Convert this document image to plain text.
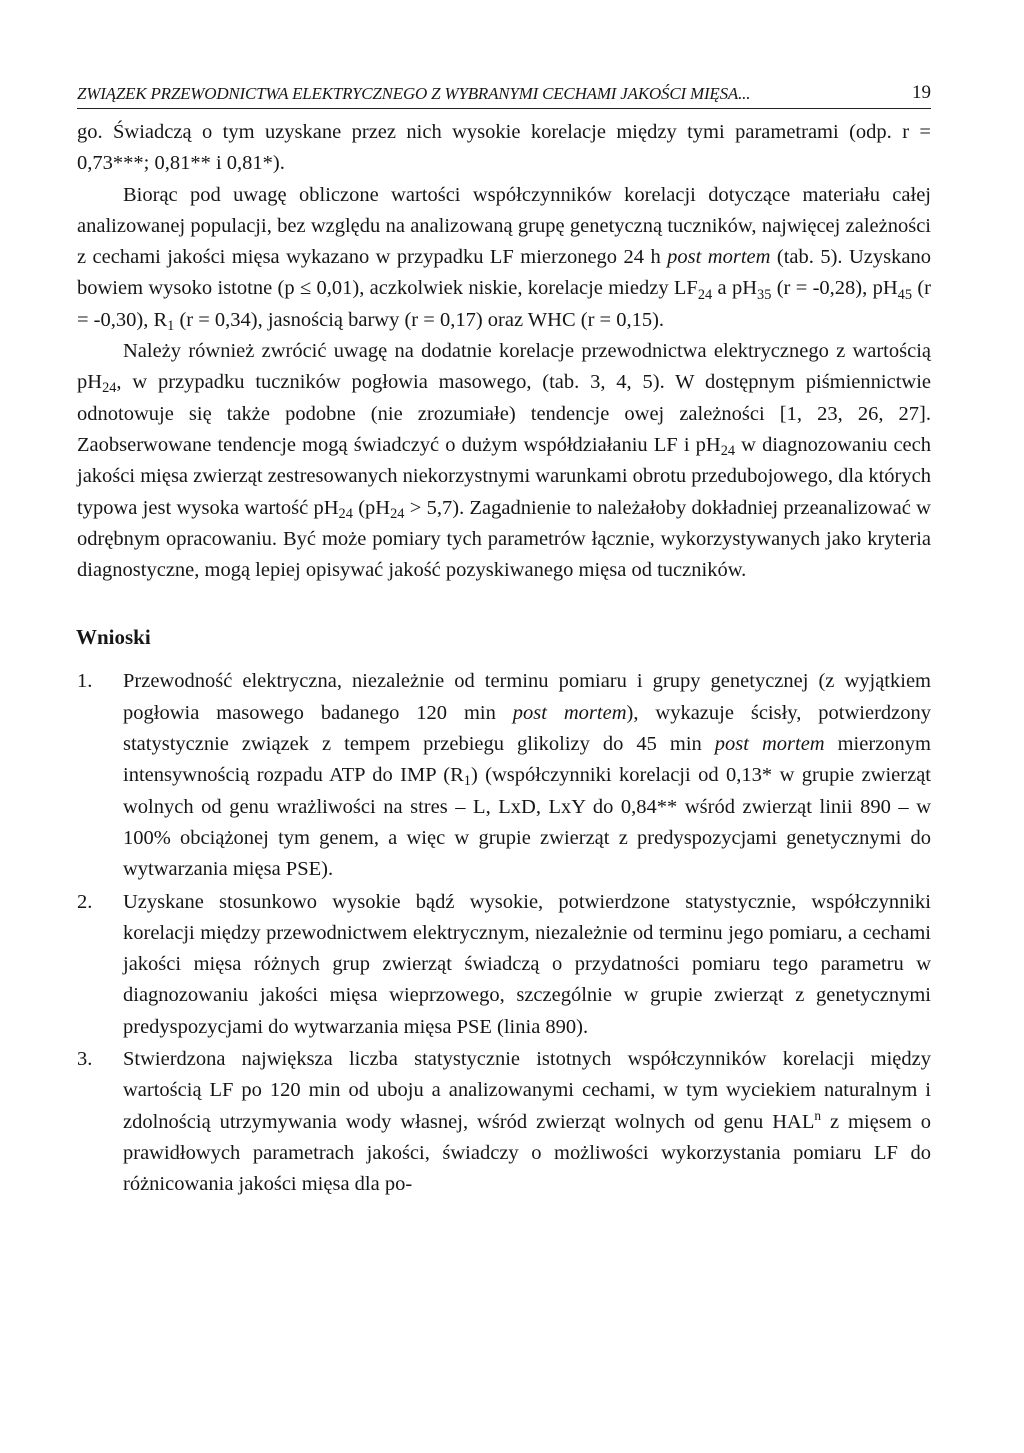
ZWIĄZEK PRZEWODNICTWA ELEKTRYCZNEGO Z WYBRANYMI CECHAMI JAKOŚCI MIĘSA...	19

go. Świadczą o tym uzyskane przez nich wysokie korelacje między tymi parametrami (odp. r = 0,73***; 0,81** i 0,81*).

Biorąc pod uwagę obliczone wartości współczynników korelacji dotyczące materiału całej analizowanej populacji, bez względu na analizowaną grupę genetyczną tuczników, najwięcej zależności z cechami jakości mięsa wykazano w przypadku LF mierzonego 24 h post mortem (tab. 5). Uzyskano bowiem wysoko istotne (p ≤ 0,01), aczkolwiek niskie, korelacje miedzy $LF_{24}$ a $pH_{35}$ (r = -0,28), $pH_{45}$ (r = -0,30), $R_1$ (r = 0,34), jasnością barwy (r = 0,17) oraz WHC (r = 0,15).

Należy również zwrócić uwagę na dodatnie korelacje przewodnictwa elektrycznego z wartością $pH_{24}$, w przypadku tuczników pogłowia masowego, (tab. 3, 4, 5). W dostępnym piśmiennictwie odnotowuje się także podobne (nie zrozumiałe) tendencje owej zależności [1, 23, 26, 27]. Zaobserwowane tendencje mogą świadczyć o dużym współdziałaniu LF i $pH_{24}$ w diagnozowaniu cech jakości mięsa zwierząt zestresowanych niekorzystnymi warunkami obrotu przedubojowego, dla których typowa jest wysoka wartość $pH_{24}$ $(pH_{24} > 5,7)$. Zagadnienie to należałoby dokładniej przeanalizować w odrębnym opracowaniu. Być może pomiary tych parametrów łącznie, wykorzystywanych jako kryteria diagnostyczne, mogą lepiej opisywać jakość pozyskiwanego mięsa od tuczników.

Wnioski
1. Przewodność elektryczna, niezależnie od terminu pomiaru i grupy genetycznej (z wyjątkiem pogłowia masowego badanego 120 min post mortem), wykazuje ścisły, potwierdzony statystycznie związek z tempem przebiegu glikolizy do 45 min post mortem mierzonym intensywnością rozpadu ATP do IMP $(R_1)$ (współczynniki korelacji od 0,13* w grupie zwierząt wolnych od genu wrażliwości na stres – L, LxD, LxY do 0,84** wśród zwierząt linii 890 – w 100% obciążonej tym genem, a więc w grupie zwierząt z predyspozycjami genetycznymi do wytwarzania mięsa PSE).

2. Uzyskane stosunkowo wysokie bądź wysokie, potwierdzone statystycznie, współczynniki korelacji między przewodnictwem elektrycznym, niezależnie od terminu jego pomiaru, a cechami jakości mięsa różnych grup zwierząt świadczą o przydatności pomiaru tego parametru w diagnozowaniu jakości mięsa wieprzowego, szczególnie w grupie zwierząt z genetycznymi predyspozycjami do wytwarzania mięsa PSE (linia 890).

3. Stwierdzona największa liczba statystycznie istotnych współczynników korelacji między wartością LF po 120 min od uboju a analizowanymi cechami, w tym wyciekiem naturalnym i zdolnością utrzymywania wody własnej, wśród zwierząt wolnych od genu HAL$^n$ z mięsem o prawidłowych parametrach jakości, świadczy o możliwości wykorzystania pomiaru LF do różnicowania jakości mięsa dla po-
